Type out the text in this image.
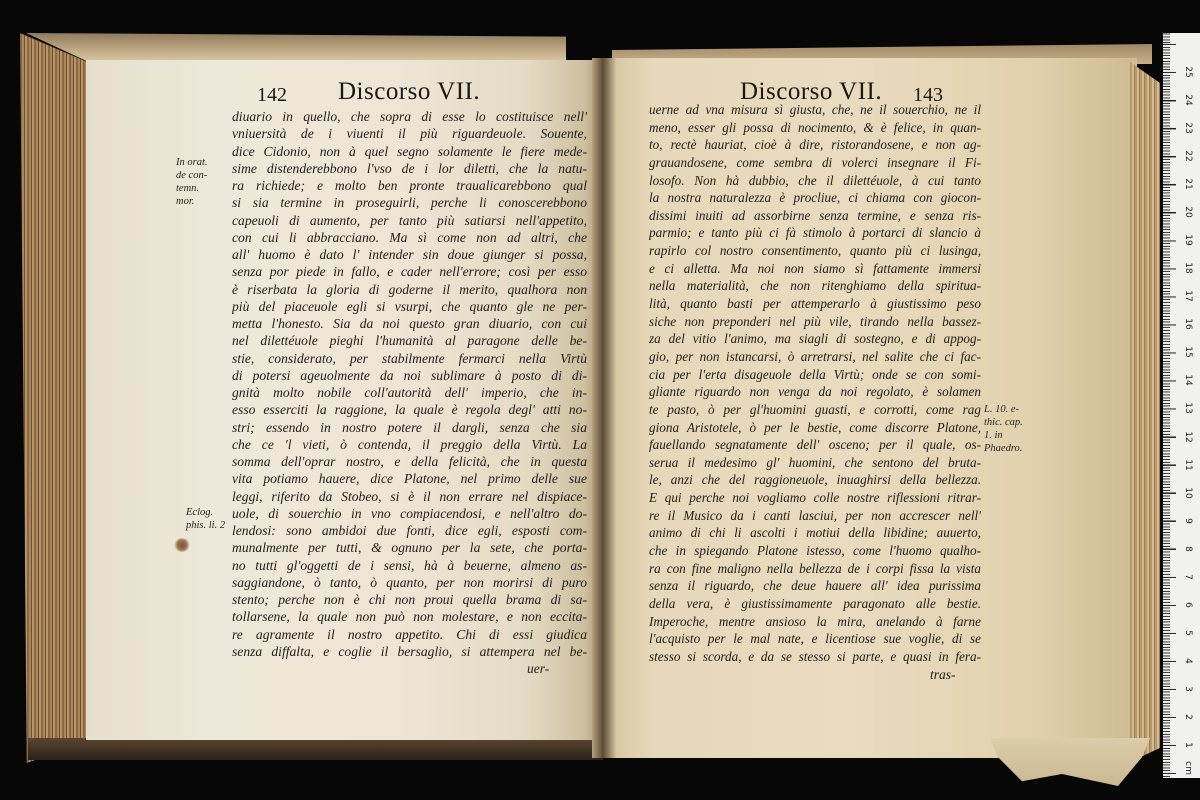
142 Discorso VII.	Discorso VII. 143
diuario in quello, che sopra di esse lo costituisce nell'
vniuersità de i viuenti il più riguardeuole. Souente,
dice Cidonio, non à quel segno solamente le fiere mede-
sime distenderebbono l'vso de i lor diletti, che la natu-
ra richiede; e molto ben pronte traualicarebbono qual
si sia termine in proseguirli, perche li conoscerebbono
capeuoli di aumento, per tanto più satiarsi nell'appetito,
con cui li abbracciano. Ma sì come non ad altri, che
all' huomo è dato l' intender sin doue giunger si possa,
senza por piede in fallo, e cader nell'errore; così per esso
è riserbata la gloria di goderne il merito, qualhora non
più del piaceuole egli si vsurpi, che quanto gle ne per-
metta l'honesto. Sia da noi questo gran diuario, con cui
nel dilettéuole pieghi l'humanità al paragone delle be-
stie, considerato, per stabilmente fermarci nella Virtù
di potersi ageuolmente da noi sublimare à posto di di-
gnità molto nobile coll'autorità dell' imperio, che in-
esso esserciti la raggione, la quale è regola degl' atti no-
stri; essendo in nostro potere il dargli, senza che sia
che ce 'l vieti, ò contenda, il preggio della Virtù. La
somma dell'oprar nostro, e della felicità, che in questa
vita potiamo hauere, dice Platone, nel primo delle sue
leggi, riferito da Stobeo, si è il non errare nel dispiace-
uole, di souerchio in vno compiacendosi, e nell'altro do-
lendosi: sono ambidoi due fonti, dice egli, esposti com-
munalmente per tutti, & ognuno per la sete, che porta-
no tutti gl'oggetti de i sensi, hà à beuerne, almeno as-
saggiandone, ò tanto, ò quanto, per non morirsi di puro
stento; perche non è chi non proui quella brama di sa-
tollarsene, la quale non può non molestare, e non eccita-
re agramente il nostro appetito. Chi di essi giudica
senza diffalta, e coglie il bersaglio, si attempera nel be-
uerne ad vna misura sì giusta, che, ne il souerchio, ne il
meno, esser gli possa di nocimento, & è felice, in quan-
to, rectè hauriat, cioè à dire, ristorandosene, e non ag-
grauandosene, come sembra di volerci insegnare il Fi-
losofo. Non hà dubbio, che il dilettéuole, à cui tanto
la nostra naturalezza è procliue, ci chiama con giocon-
dissimi inuiti ad assorbirne senza termine, e senza ris-
parmio; e tanto più ci fà stimolo à portarci di slancio à
rapirlo col nostro consentimento, quanto più ci lusinga,
e ci alletta. Ma noi non siamo sì fattamente immersi
nella materialità, che non ritenghiamo della spiritua-
lità, quanto basti per attemperarlo à giustissimo peso
siche non preponderi nel più vile, tirando nella bassez-
za del vitio l'animo, ma siagli di sostegno, e di appog-
gio, per non istancarsi, ò arretrarsi, nel salite che ci fac-
cia per l'erta disageuole della Virtù; onde se con somi-
gliante riguardo non venga da noi regolato, è solamen
te pasto, ò per gl'huomini guasti, e corrotti, come rag
giona Aristotele, ò per le bestie, come discorre Platone,
fauellando segnatamente dell' osceno; per il quale, os-
serua il medesimo gl' huomini, che sentono del bruta-
le, anzi che del raggioneuole, inuaghirsi della bellezza.
E qui perche noi vogliamo colle nostre riflessioni ritrar-
re il Musico da i canti lasciui, per non accrescer nell'
animo di chi li ascolti i motiui della libidine; auuerto,
che in spiegando Platone istesso, come l'huomo qualho-
ra con fine maligno nella bellezza de i corpi fissa la vista
senza il riguardo, che deue hauere all' idea purissima
della vera, è giustissimamente paragonato alle bestie.
Imperoche, mentre ansioso la mira, anelando à farne
l'acquisto per le mal nate, e licentiose sue voglie, di se
stesso si scorda, e da se stesso si parte, e quasi in fera-
uer-	tras-
In orat.
de con-
temn.
mor.
Eclog.
phis. li. 2
L. 10. e-
thic. cap.
1. in
Phaedro.
cm
25
24
23
22
21
20
19
18
17
16
15
14
13
12
11
10
9
8
7
6
5
4
3
2
1
